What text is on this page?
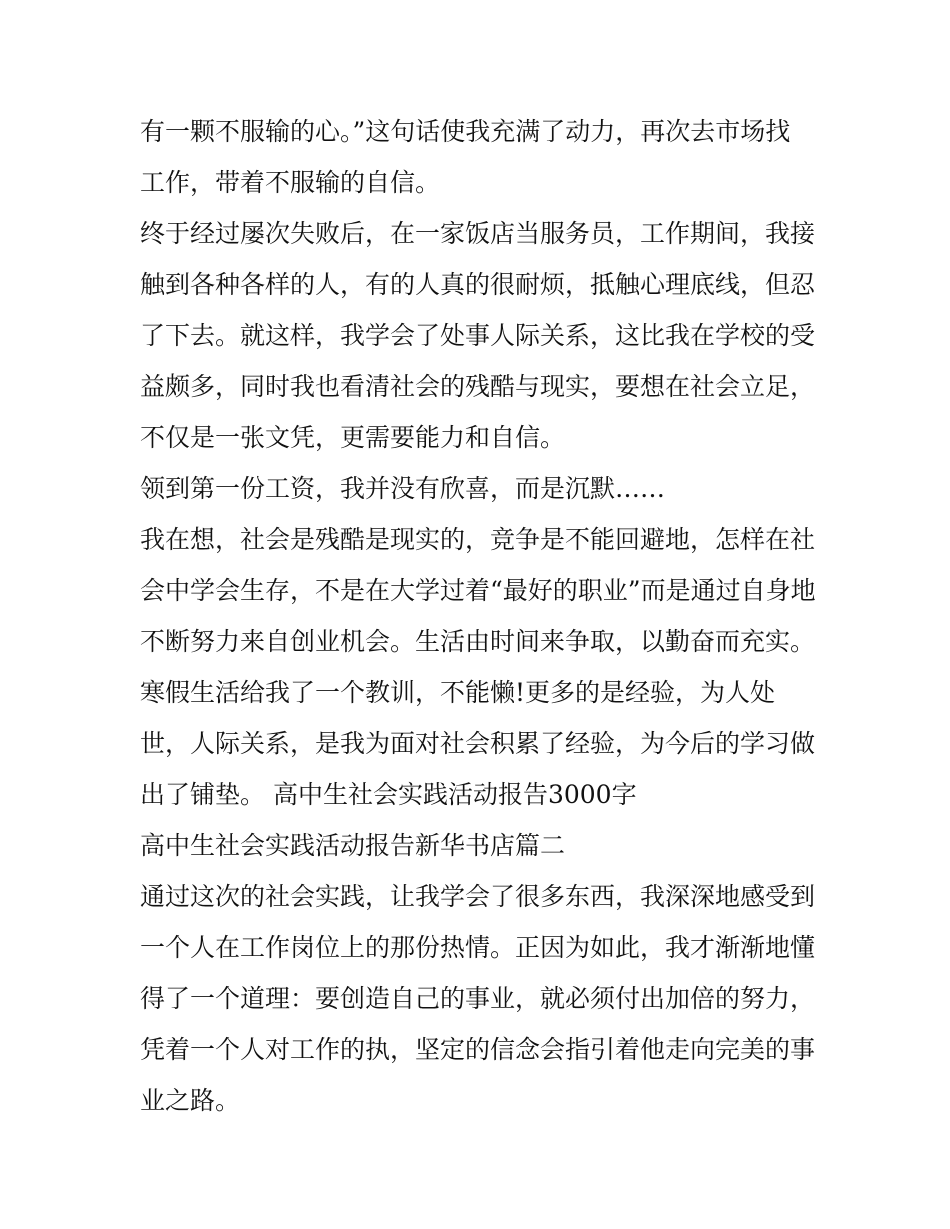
有一颗不服输的心。”这句话使我充满了动力，再次去市场找
工作，带着不服输的自信。
终于经过屡次失败后，在一家饭店当服务员，工作期间，我接
触到各种各样的人，有的人真的很耐烦，抵触心理底线，但忍
了下去。就这样，我学会了处事人际关系，这比我在学校的受
益颇多，同时我也看清社会的残酷与现实，要想在社会立足，
不仅是一张文凭，更需要能力和自信。
领到第一份工资，我并没有欣喜，而是沉默……
我在想，社会是残酷是现实的，竞争是不能回避地，怎样在社
会中学会生存，不是在大学过着“最好的职业”而是通过自身地
不断努力来自创业机会。生活由时间来争取，以勤奋而充实。
寒假生活给我了一个教训，不能懒!更多的是经验，为人处
世，人际关系，是我为面对社会积累了经验，为今后的学习做
出了铺垫。 高中生社会实践活动报告3000字
高中生社会实践活动报告新华书店篇二
通过这次的社会实践，让我学会了很多东西，我深深地感受到
一个人在工作岗位上的那份热情。正因为如此，我才渐渐地懂
得了一个道理：要创造自己的事业，就必须付出加倍的努力，
凭着一个人对工作的执，坚定的信念会指引着他走向完美的事
业之路。
